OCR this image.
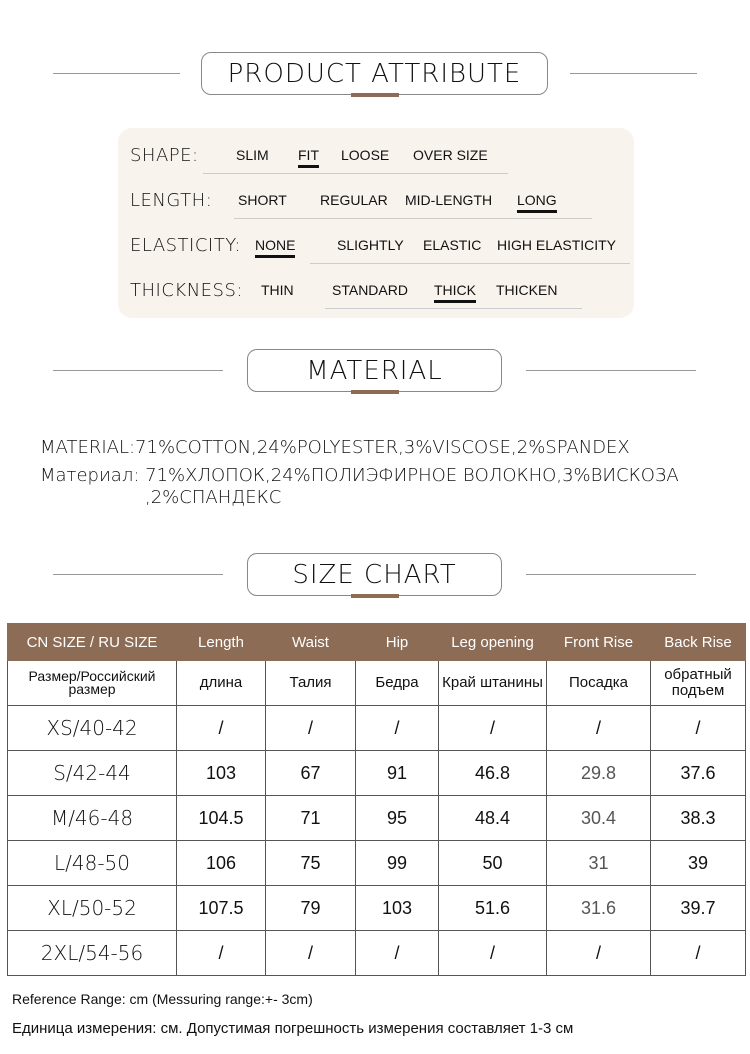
PRODUCT ATTRIBUTE
SHAPE:	SLIM FIT LOOSE OVER SIZE
LENGTH: SHORT REGULAR MID-LENGTH LONG
ELASTICITY: NONE	SLIGHTLY ELASTIC HIGH ELASTICITY
THICKNESS: THIN	STANDARD THICK THICKEN
MATERIAL
MATERIAL:71%COTTON,24%POLYESTER,3%VISCOSE,2%SPANDEX
Материал: 71%ХЛОПОК,24%ПОЛИЭФИРНОЕ ВОЛОКНО,3%ВИСКОЗА
,2%СПАНДЕКС
SIZE CHART
CN SIZE / RU SIZE	Length	Waist	Hip	Leg opening	Front Rise	Back Rise
Размер/Российский размер	длина	Талия	Бедра	Край штанины	Посадка	обратный подъем
XS/40-42	/	/	/	/	/	/
S/42-44	103	67	91	46.8	29.8	37.6
M/46-48	104.5	71	95	48.4	30.4	38.3
L/48-50	106	75	99	50	31	39
XL/50-52	107.5	79	103	51.6	31.6	39.7
2XL/54-56	/	/	/	/	/	/
Reference Range: cm (Messuring range:+- 3cm)
Единица измерения: см. Допустимая погрешность измерения составляет 1-3 см
